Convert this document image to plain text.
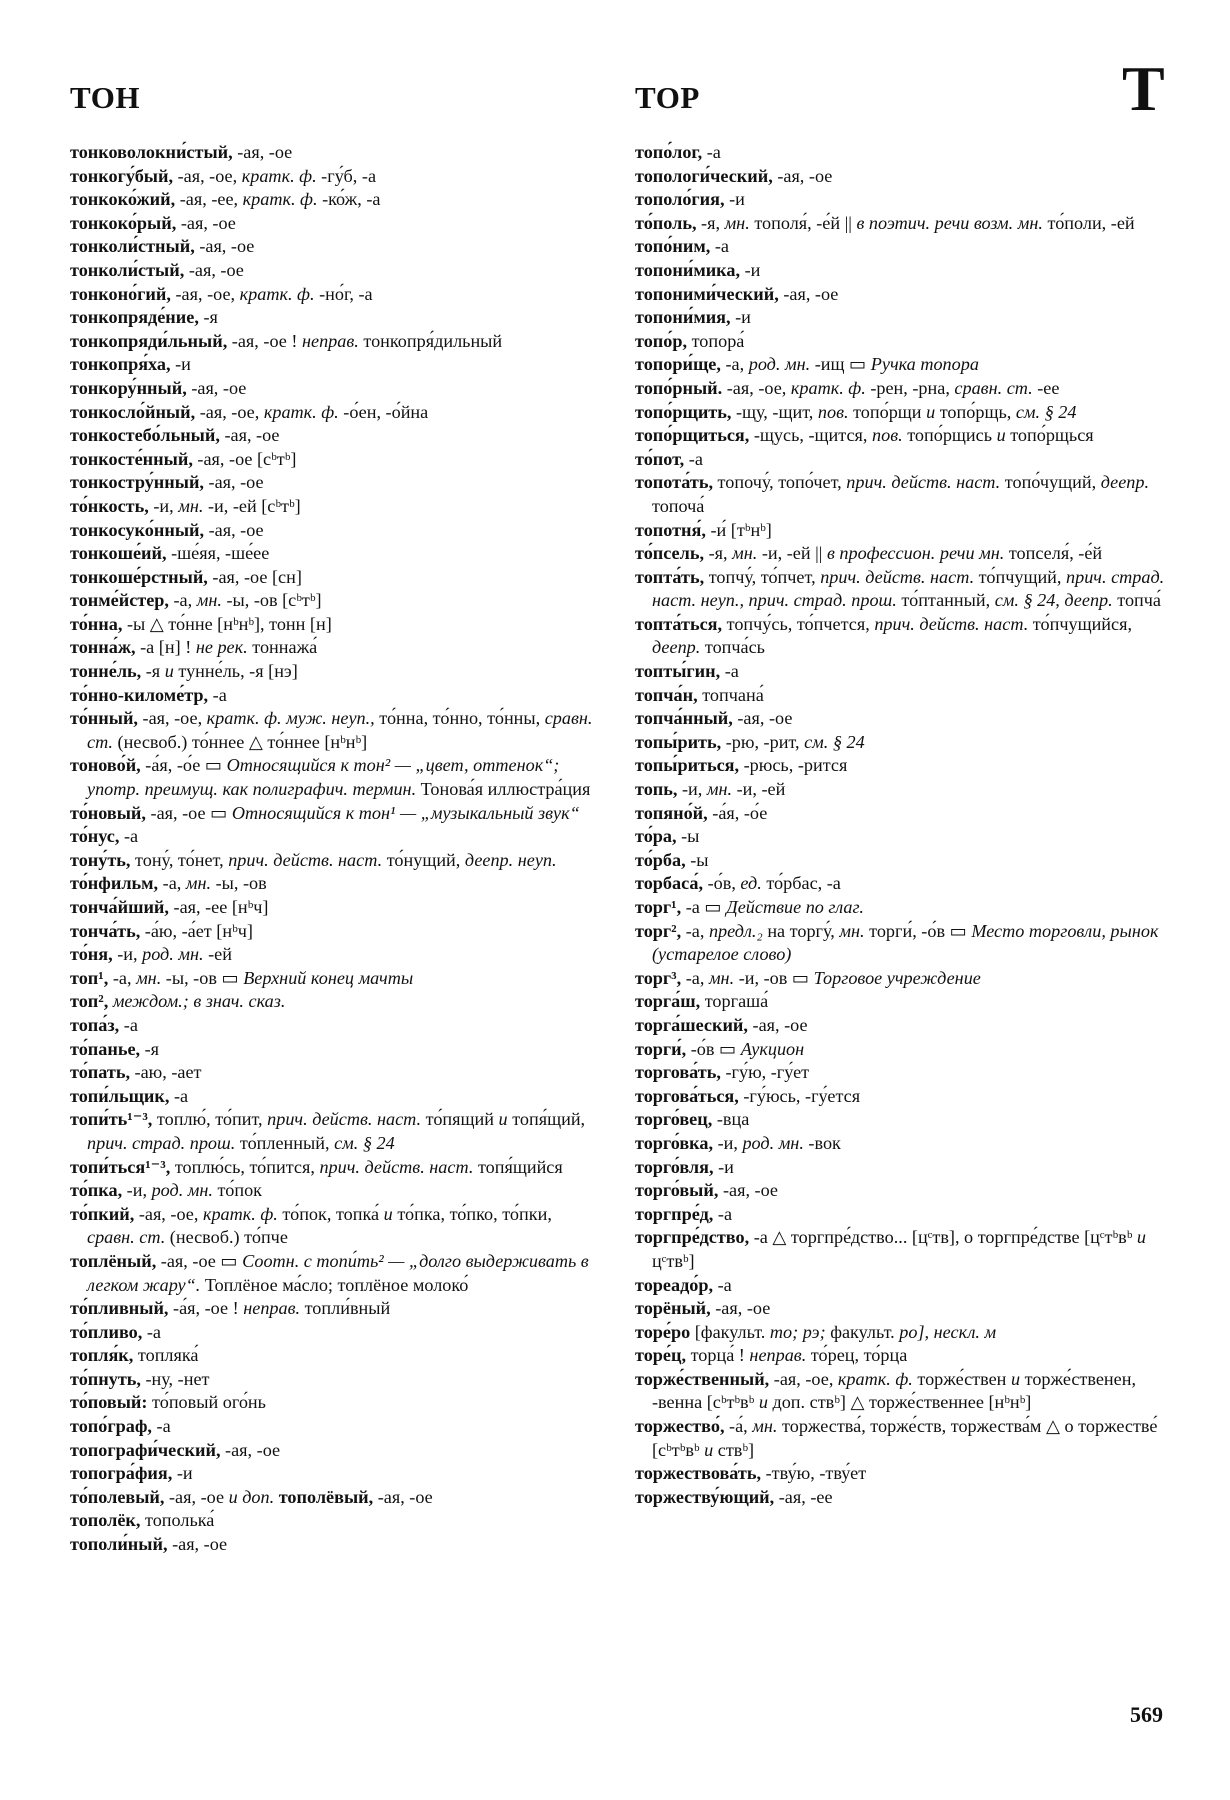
ТОН	ТОР	Т

тонковолокни́стый, -ая, -ое

тонкогу́бый, -ая, -ое, кратк. ф. -гу́б, -а

тонкоко́жий, -ая, -ее, кратк. ф. -ко́ж, -а

тонкоко́рый, -ая, -ое

тонколи́стный, -ая, -ое

тонколи́стый, -ая, -ое

тонконо́гий, -ая, -ое, кратк. ф. -но́г, -а

тонкопряде́ние, -я

тонкопряди́льный, -ая, -ое ! неправ. тонкопря́дильный

тонкопря́ха, -и

тонкору́нный, -ая, -ое

тонкосло́йный, -ая, -ое, кратк. ф. -о́ен, -о́йна

тонкостебо́льный, -ая, -ое

тонкосте́нный, -ая, -ое [сᵇтᵇ]

тонкостру́нный, -ая, -ое

то́нкость, -и, мн. -и, -ей [сᵇтᵇ]

тонкосуко́нный, -ая, -ое

тонкоше́ий, -ше́яя, -ше́ее

тонкоше́рстный, -ая, -ое [сн]

тонме́йстер, -а, мн. -ы, -ов [сᵇтᵇ]

то́нна, -ы △ то́нне [нᵇнᵇ], тонн [н]

тонна́ж, -а [н] ! не рек. тоннажа́

тонне́ль, -я и тунне́ль, -я [нэ]

то́нно-киломе́тр, -а

то́нный, -ая, -ое, кратк. ф. муж. неуп., то́нна, то́нно, то́нны, сравн. ст. (несвоб.) то́ннее △ то́ннее [нᵇнᵇ]

тоново́й, -а́я, -о́е ▭ Относящийся к тон² — „цвет, оттенок“; употр. преимущ. как полиграфич. термин. Тонова́я иллюстра́ция

то́новый, -ая, -ое ▭ Относящийся к тон¹ — „музыкальный звук“

то́нус, -а

тону́ть, тону́, то́нет, прич. действ. наст. то́нущий, деепр. неуп.

то́нфильм, -а, мн. -ы, -ов

тонча́йший, -ая, -ее [нᵇч]

тонча́ть, -а́ю, -а́ет [нᵇч]

то́ня, -и, род. мн. -ей

топ¹, -а, мн. -ы, -ов ▭ Верхний конец мачты

топ², междом.; в знач. сказ.

топа́з, -а

то́панье, -я

то́пать, -аю, -ает

топи́льщик, -а

топи́ть¹⁻³, топлю́, то́пит, прич. действ. наст. то́пящий и топя́щий, прич. страд. прош. то́пленный, см. § 24

топи́ться¹⁻³, топлю́сь, то́пится, прич. действ. наст. топя́щийся

то́пка, -и, род. мн. то́пок

то́пкий, -ая, -ое, кратк. ф. то́пок, топка́ и то́пка, то́пко, то́пки, сравн. ст. (несвоб.) то́пче

топлёный, -ая, -ое ▭ Соотн. с топи́ть² — „долго выдерживать в легком жару“. Топлёное ма́сло; топлёное молоко́

то́пливный, -а́я, -ое ! неправ. топли́вный

то́пливо, -а

топля́к, топляка́

то́пнуть, -ну, -нет

то́повый: то́повый ого́нь

топо́граф, -а

топографи́ческий, -ая, -ое

топогра́фия, -и

то́полевый, -ая, -ое и доп. тополёвый, -ая, -ое

тополёк, тополька́

тополи́ный, -ая, -ое

топо́лог, -а

топологи́ческий, -ая, -ое

тополо́гия, -и

то́поль, -я, мн. тополя́, -е́й || в поэтич. речи возм. мн. то́поли, -ей

топо́ним, -а

топони́мика, -и

топоними́ческий, -ая, -ое

топони́мия, -и

топо́р, топора́

топори́ще, -а, род. мн. -ищ ▭ Ручка топора

топо́рный. -ая, -ое, кратк. ф. -рен, -рна, сравн. ст. -ее

топо́рщить, -щу, -щит, пов. топо́рщи и топо́рщь, см. § 24

топо́рщиться, -щусь, -щится, пов. топо́рщись и топо́рщься

то́пот, -а

топота́ть, топочу́, топо́чет, прич. действ. наст. топо́чущий, деепр. топоча́

топотня́, -и́ [тᵇнᵇ]

то́псель, -я, мн. -и, -ей || в профессион. речи мн. топселя́, -е́й

топта́ть, топчу́, то́пчет, прич. действ. наст. то́пчущий, прич. страд. наст. неуп., прич. страд. прош. то́птанный, см. § 24, деепр. топча́

топта́ться, топчу́сь, то́пчется, прич. действ. наст. то́пчущийся, деепр. топча́сь

топты́гин, -а

топча́н, топчана́

топча́нный, -ая, -ое

топы́рить, -рю, -рит, см. § 24

топы́риться, -рюсь, -рится

топь, -и, мн. -и, -ей

топяно́й, -а́я, -о́е

то́ра, -ы

то́рба, -ы

торбаса́, -о́в, ед. то́рбас, -а

торг¹, -а ▭ Действие по глаг.

торг², -а, предл.₂ на торгу́, мн. торги́, -о́в ▭ Место торговли, рынок (устарелое слово)

торг³, -а, мн. -и, -ов ▭ Торговое учреждение

торга́ш, торгаша́

торга́шеский, -ая, -ое

торги́, -о́в ▭ Аукцион

торгова́ть, -гу́ю, -гу́ет

торгова́ться, -гу́юсь, -гу́ется

торго́вец, -вца

торго́вка, -и, род. мн. -вок

торго́вля, -и

торго́вый, -ая, -ое

торгпре́д, -а

торгпре́дство, -а △ торгпре́дство... [цᶜтв], о торгпре́дстве [цᶜтᵇвᵇ и цᶜтвᵇ]

тореадо́р, -а

торёный, -ая, -ое

торе́ро [факульт. то; рэ; факульт. ро], нескл. м

торе́ц, торца́ ! неправ. то́рец, то́рца

торже́ственный, -ая, -ое, кратк. ф. торже́ствен и торже́ственен, -венна [сᵇтᵇвᵇ и доп. ствᵇ] △ торже́ственнее [нᵇнᵇ]

торжество́, -а́, мн. торжества́, торже́ств, торжества́м △ о торжестве́ [сᵇтᵇвᵇ и ствᵇ]

торжествова́ть, -тву́ю, -тву́ет

торжеству́ющий, -ая, -ее

569
